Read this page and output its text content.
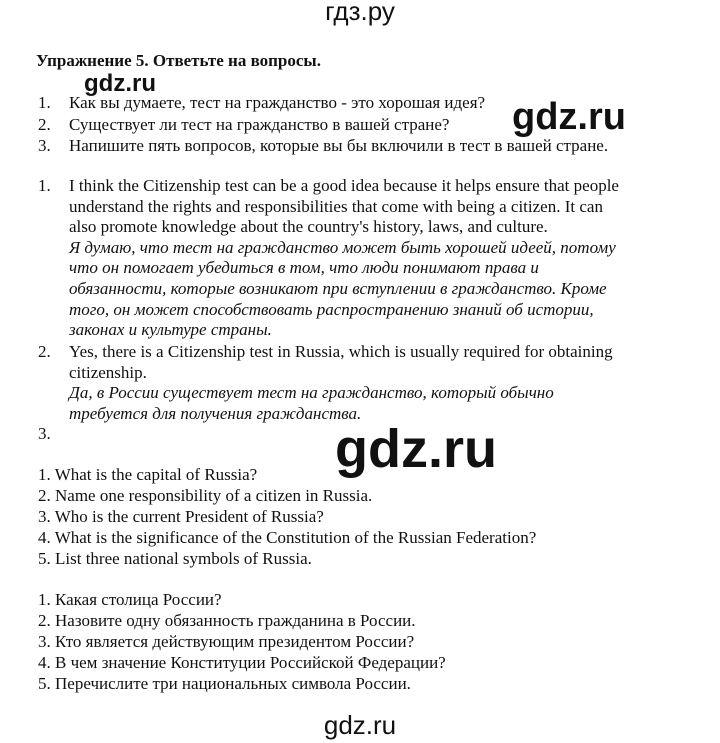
гдз.ру
gdz.ru
gdz.ru
gdz.ru
gdz.ru
Упражнение 5. Ответьте на вопросы.
1. Как вы думаете, тест на гражданство - это хорошая идея?
2. Существует ли тест на гражданство в вашей стране?
3. Напишите пять вопросов, которые вы бы включили в тест в вашей стране.
1. I think the Citizenship test can be a good idea because it helps ensure that people
understand the rights and responsibilities that come with being a citizen. It can
also promote knowledge about the country's history, laws, and culture.
Я думаю, что тест на гражданство может быть хорошей идеей, потому
что он помогает убедиться в том, что люди понимают права и
обязанности, которые возникают при вступлении в гражданство. Кроме
того, он может способствовать распространению знаний об истории,
законах и культуре страны.
2. Yes, there is a Citizenship test in Russia, which is usually required for obtaining
citizenship.
Да, в России существует тест на гражданство, который обычно
требуется для получения гражданства.
3.
1. What is the capital of Russia?
2. Name one responsibility of a citizen in Russia.
3. Who is the current President of Russia?
4. What is the significance of the Constitution of the Russian Federation?
5. List three national symbols of Russia.
1. Какая столица России?
2. Назовите одну обязанность гражданина в России.
3. Кто является действующим президентом России?
4. В чем значение Конституции Российской Федерации?
5. Перечислите три национальных символа России.
